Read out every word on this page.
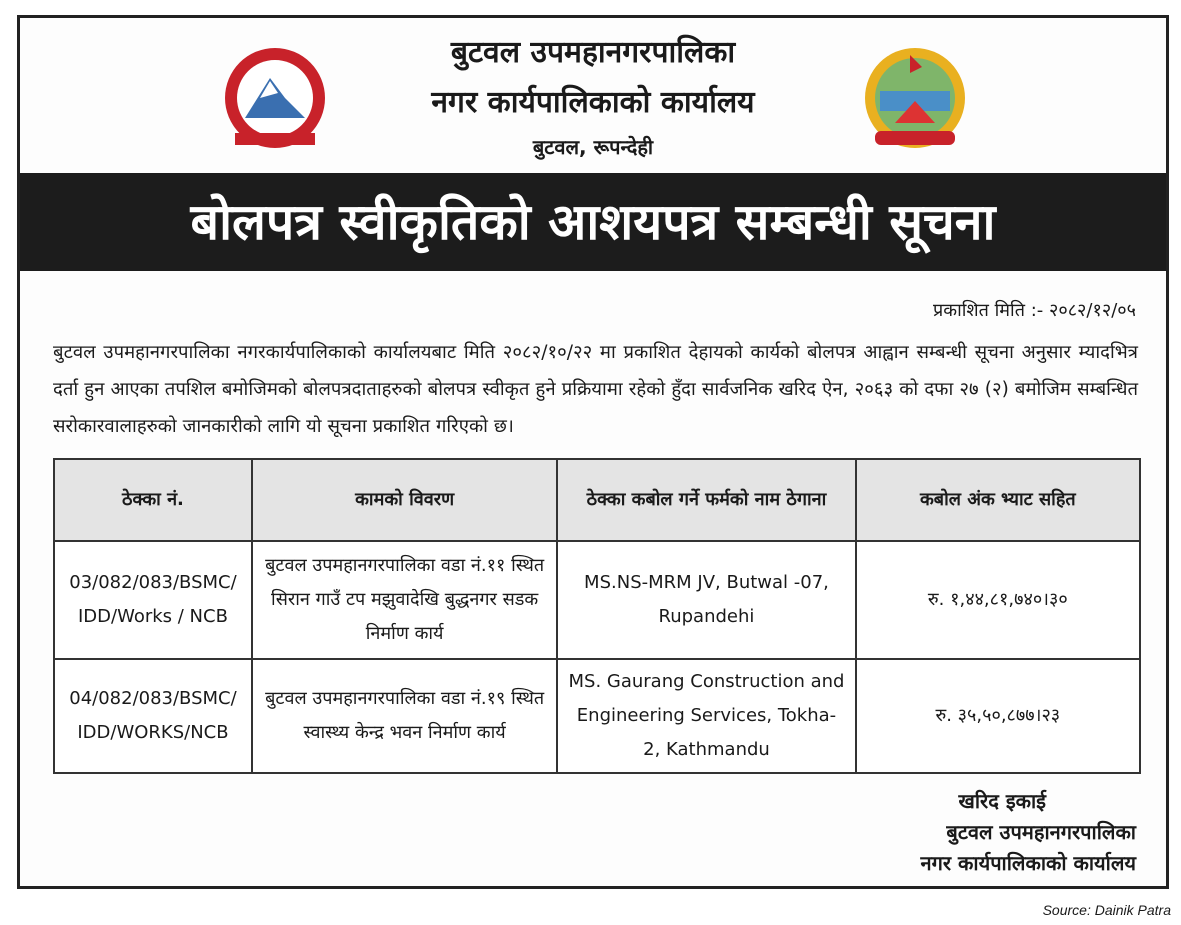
बुटवल उपमहानगरपालिका
नगर कार्यपालिकाको कार्यालय
बुटवल, रूपन्देही
बोलपत्र स्वीकृतिको आशयपत्र सम्बन्धी सूचना
प्रकाशित मिति :- २०८२/१२/०५
बुटवल उपमहानगरपालिका नगरकार्यपालिकाको कार्यालयबाट मिति २०८२/१०/२२ मा प्रकाशित देहायको कार्यको बोलपत्र आह्वान सम्बन्धी सूचना अनुसार म्यादभित्र दर्ता हुन आएका तपशिल बमोजिमको बोलपत्रदाताहरुको बोलपत्र स्वीकृत हुने प्रक्रियामा रहेको हुँदा सार्वजनिक खरिद ऐन, २०६३ को दफा २७ (२) बमोजिम सम्बन्धित सरोकारवालाहरुको जानकारीको लागि यो सूचना प्रकाशित गरिएको छ।
ठेक्का नं.	कामको विवरण	ठेक्का कबोल गर्ने फर्मको नाम ठेगाना	कबोल अंक भ्याट सहित
03/082/083/BSMC/ IDD/Works / NCB	बुटवल उपमहानगरपालिका वडा नं.११ स्थित सिरान गाउँ टप मझुवादेखि बुद्धनगर सडक निर्माण कार्य	MS.NS-MRM JV, Butwal -07, Rupandehi	रु. १,४४,८१,७४०।३०
04/082/083/BSMC/ IDD/WORKS/NCB	बुटवल उपमहानगरपालिका वडा नं.१९ स्थित स्वास्थ्य केन्द्र भवन निर्माण कार्य	MS. Gaurang Construction and Engineering Services, Tokha-2, Kathmandu	रु. ३५,५०,८७७।२३
खरिद इकाई
बुटवल उपमहानगरपालिका
नगर कार्यपालिकाको कार्यालय
Source: Dainik Patra
